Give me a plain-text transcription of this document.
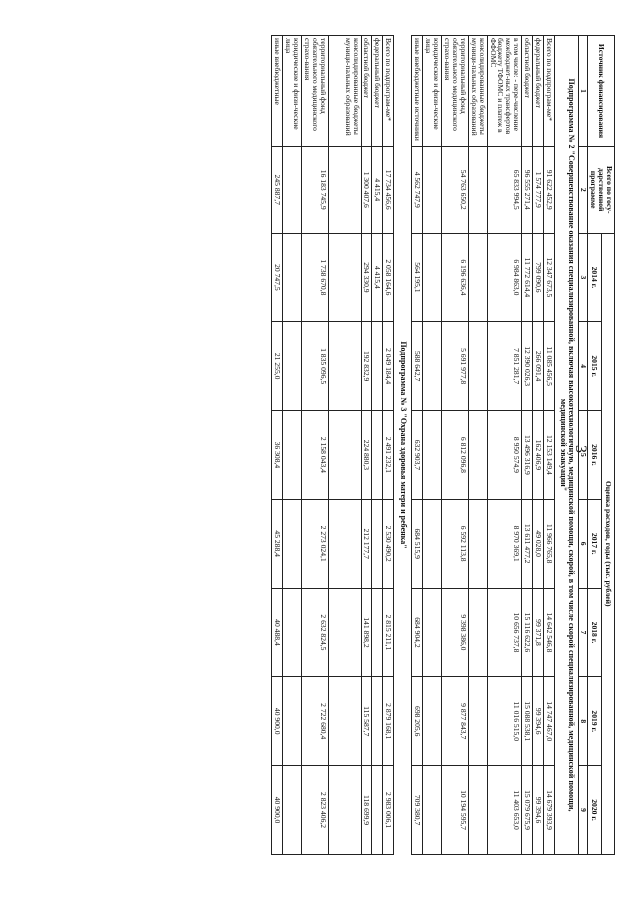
3
Источник финансирования	Всего по госу-дарственной программе	Оценка расходов, годы (тыс. рублей)						
		2014 г.	2015 г.	2016 г.	2017 г.	2018 г.	2019 г.	2020 г.
1	2	3	4	5	6	7	8	9
Подпрограмма № 2 "Совершенствование оказания специализированной, включая высокотехнологичную, медицинской помощи, скорой, в том числе скорой специализированной, медицинской помощи, медицинской эвакуации"								
Всего по подпрограм-ме*	91 622 452,9	12 347 673,5	11 085 456,5	12 153 149,4	11 966 765,8	14 642 546,8	14 747 467,0	14 679 393,9
федеральный бюджет	1 574 777,9	799 090,6	266 091,4	162 406,9	49 028,0	99 371,8	99 394,6	99 394,6
областной бюджет	96 555 271,4	11 772 614,4	12 390 026,3	13 496 316,9	13 611 477,2	15 116 622,6	15 088 538,1	15 079 675,9
в том числе: - пере-числение межбюджет-ных трансфертов бюджету ТФОМС и платеж в ФФОМС	65 833 994,5	6 984 863,0	7 851 281,7	8 950 574,9	8 970 369,1	10 656 737,8	11 016 515,0	11 403 653,0
консолидированные бюджеты муници-пальных образований								
территориальный фонд обязательного медицинского страхо-вания	54 763 650,2	6 196 636,4	5 691 977,8	6 812 096,8	6 592 113,8	9 398 386,0	9 877 843,7	10 194 595,7
юридические и физи-ческие лица								
иные внебюджетные источники	4 562 747,9	564 195,1	588 642,7	632 903,7	684 515,9	684 904,2	698 205,6	709 380,7
Подпрограмма № 3 "Охрана здоровья матери и ребенка"								
Всего по подпрограм-ме*	17 734 456,6	2 058 164,6	2 049 184,4	2 491 232,1	2 530 490,2	2 815 211,1	2 879 168,1	2 983 006,1
федеральный бюджет	4 415,4	4 415,4						
областной бюджет	1 300 407,6	294 330,9	192 832,9	224 880,3	212 177,7	141 898,2	115 587,7	118 699,9
консолидированные бюджеты муници-пальных образований								
территориальный фонд обязательного медицинского страхо-вания	16 183 745,9	1 738 670,8	1 835 096,5	2 158 043,4	2 273 024,1	2 632 824,5	2 722 680,4	2 823 406,2
юридические и физи-ческие лица								
иные внебюджетные	245 887,7	20 747,5	21 255,0	36 308,4	45 288,4	40 488,4	40 900,0	40 900,0
